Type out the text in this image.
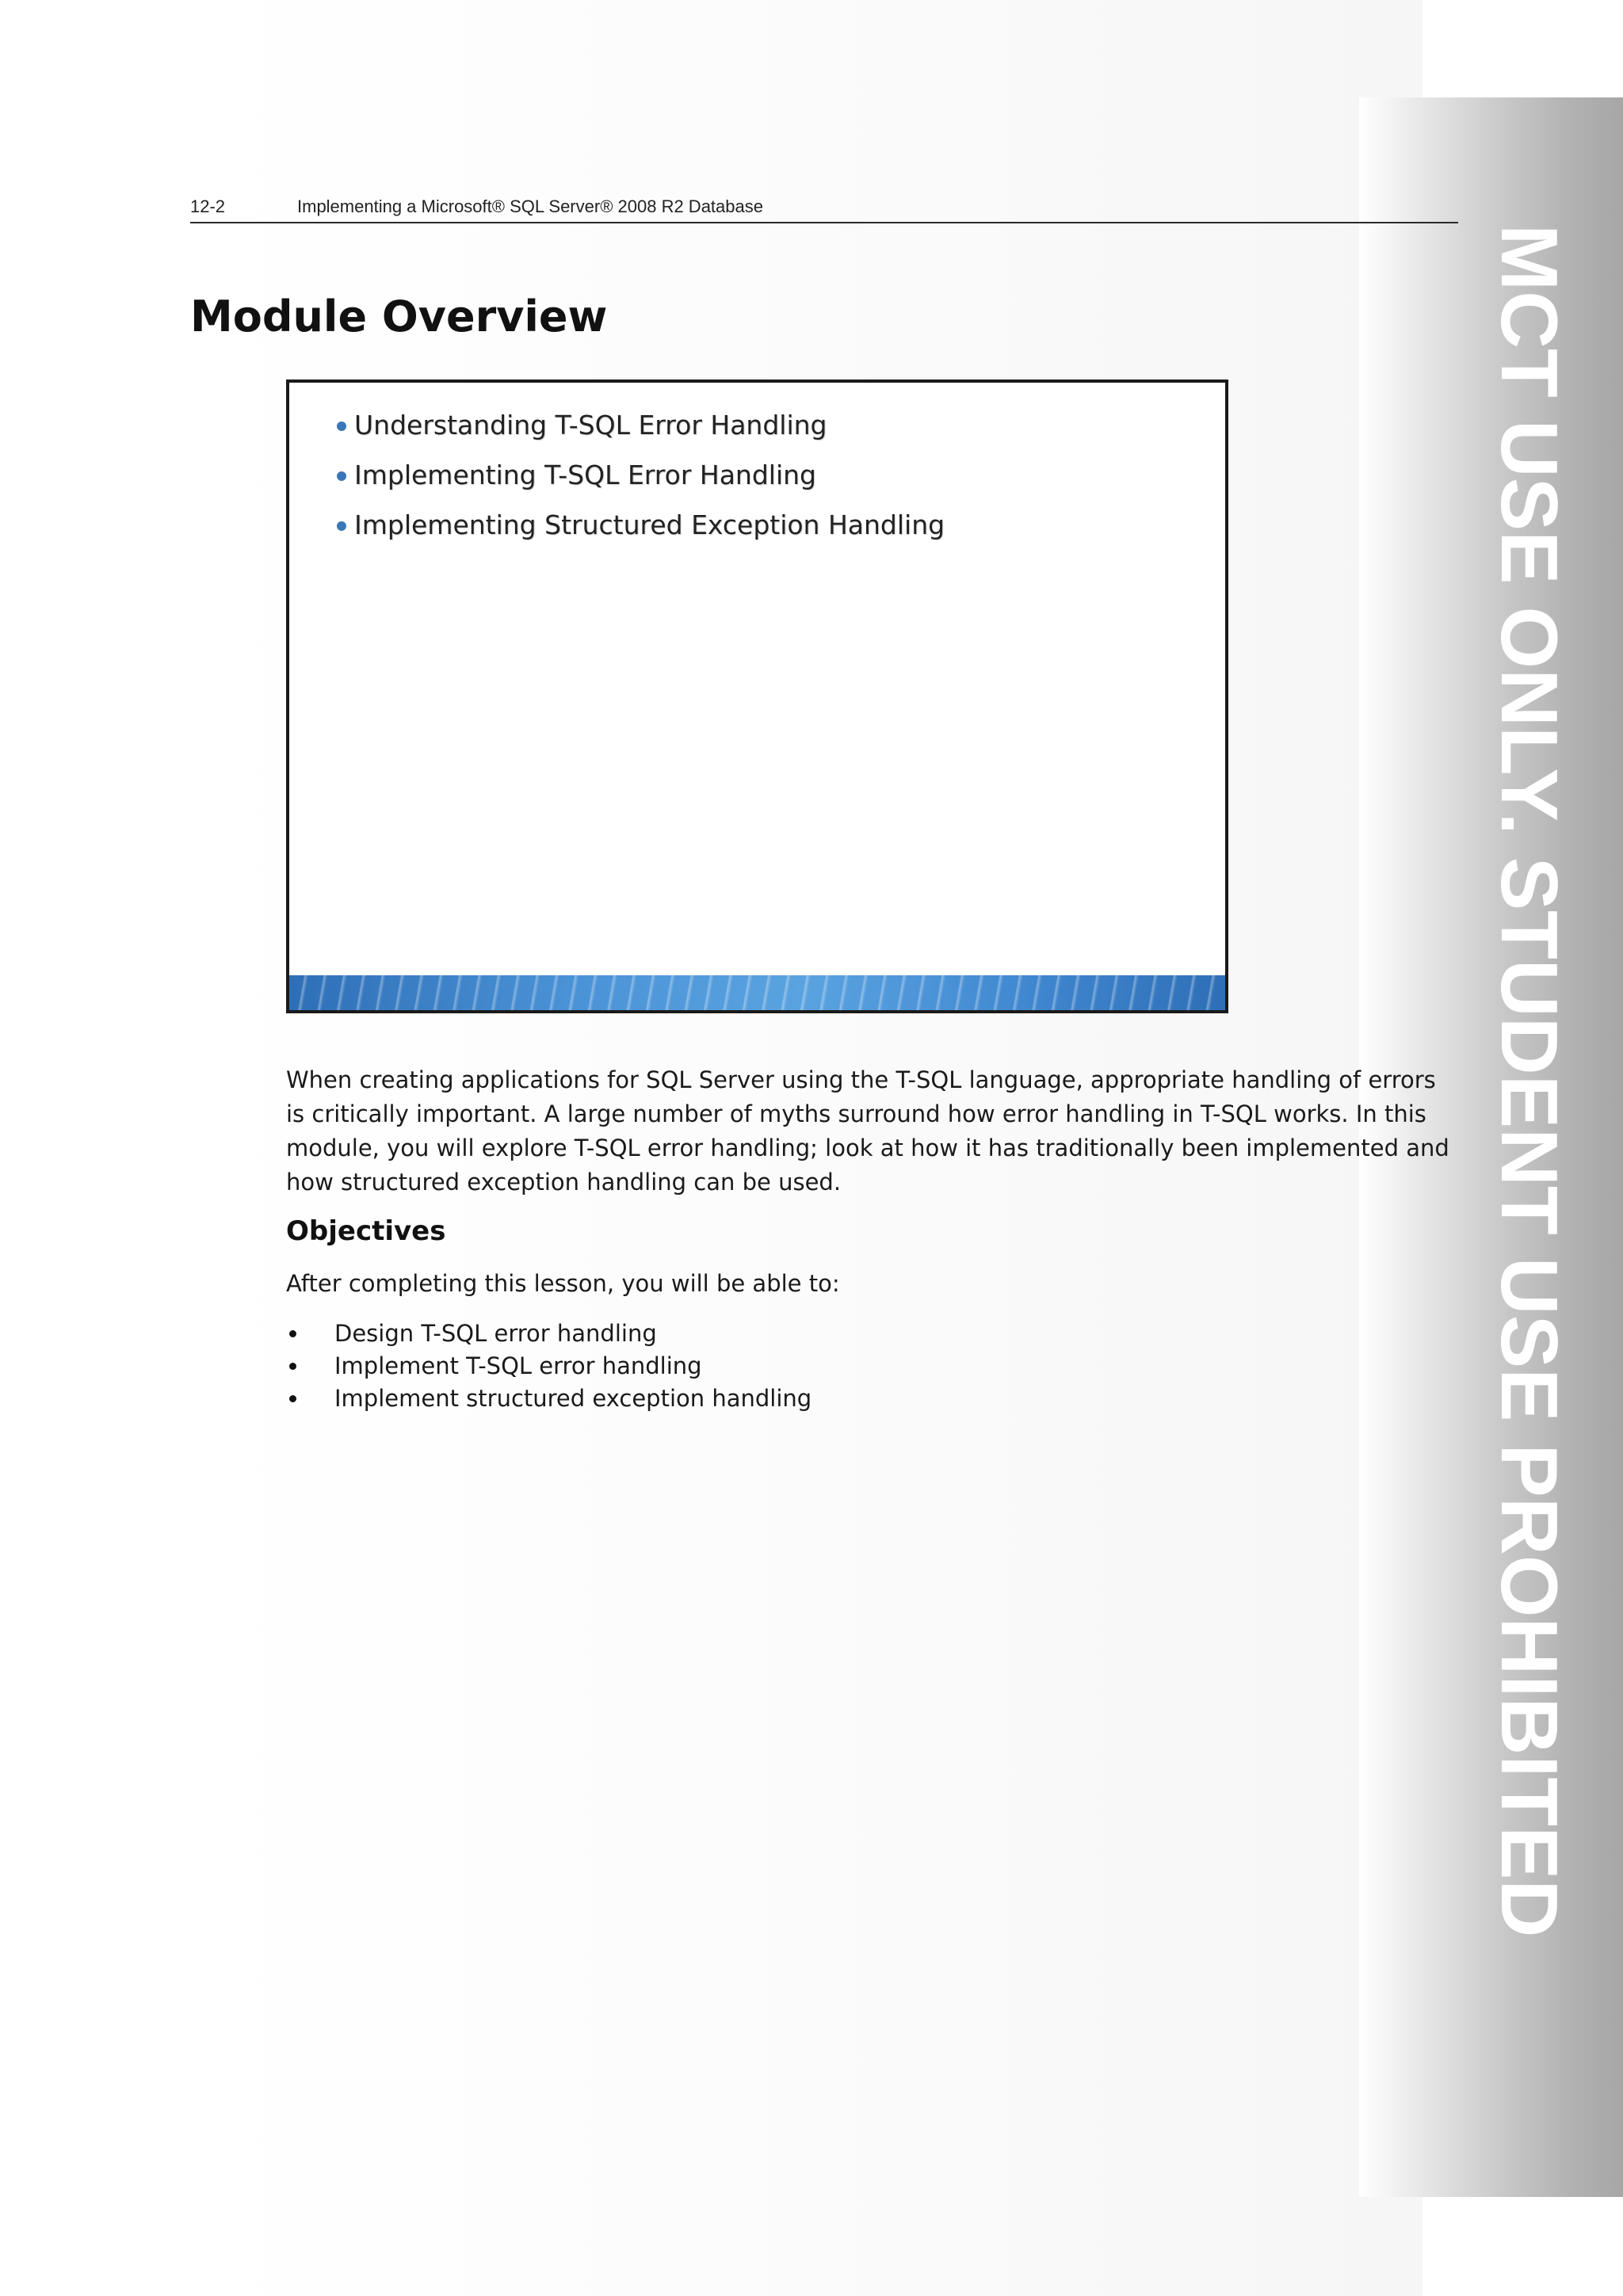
MCT USE ONLY. STUDENT USE PROHIBITED
12-2	Implementing a Microsoft® SQL Server® 2008 R2 Database
Module Overview
Understanding T-SQL Error Handling
Implementing T-SQL Error Handling
Implementing Structured Exception Handling

When creating applications for SQL Server using the T-SQL language, appropriate handling of errors is critically important. A large number of myths surround how error handling in T-SQL works. In this module, you will explore T-SQL error handling; look at how it has traditionally been implemented and how structured exception handling can be used.

Objectives

After completing this lesson, you will be able to:

Design T-SQL error handling
Implement T-SQL error handling
Implement structured exception handling
